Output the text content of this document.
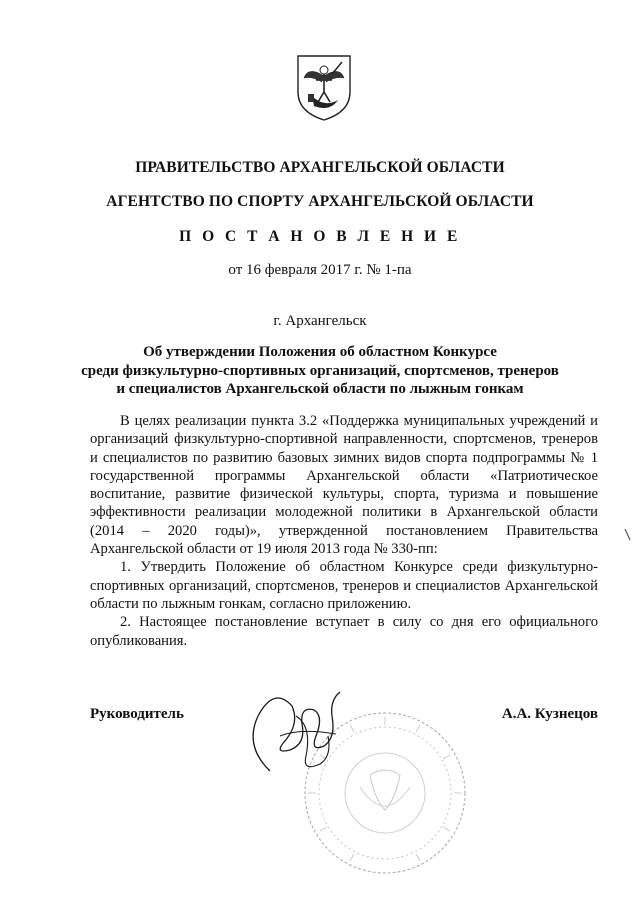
ПРАВИТЕЛЬСТВО АРХАНГЕЛЬСКОЙ ОБЛАСТИ
АГЕНТСТВО ПО СПОРТУ АРХАНГЕЛЬСКОЙ ОБЛАСТИ
П О С Т А Н О В Л Е Н И Е
от 16 февраля 2017 г. № 1-па
г. Архангельск
Об утверждении Положения об областном Конкурсе
среди физкультурно-спортивных организаций, спортсменов, тренеров
и специалистов Архангельской области по лыжным гонкам

В целях реализации пункта 3.2 «Поддержка муниципальных учреждений и организаций физкультурно-спортивной направленности, спортсменов, тренеров и специалистов по развитию базовых зимних видов спорта подпрограммы № 1 государственной программы Архангельской области «Патриотическое воспитание, развитие физической культуры, спорта, туризма и повышение эффективности реализации молодежной политики в Архангельской области (2014 – 2020 годы)», утвержденной постановлением Правительства Архангельской области от 19 июля 2013 года № 330-пп:

1. Утвердить Положение об областном Конкурсе среди физкультурно-спортивных организаций, спортсменов, тренеров и специалистов Архангельской области по лыжным гонкам, согласно приложению.

2. Настоящее постановление вступает в силу со дня его официального опубликования.

Руководитель	А.А. Кузнецов
